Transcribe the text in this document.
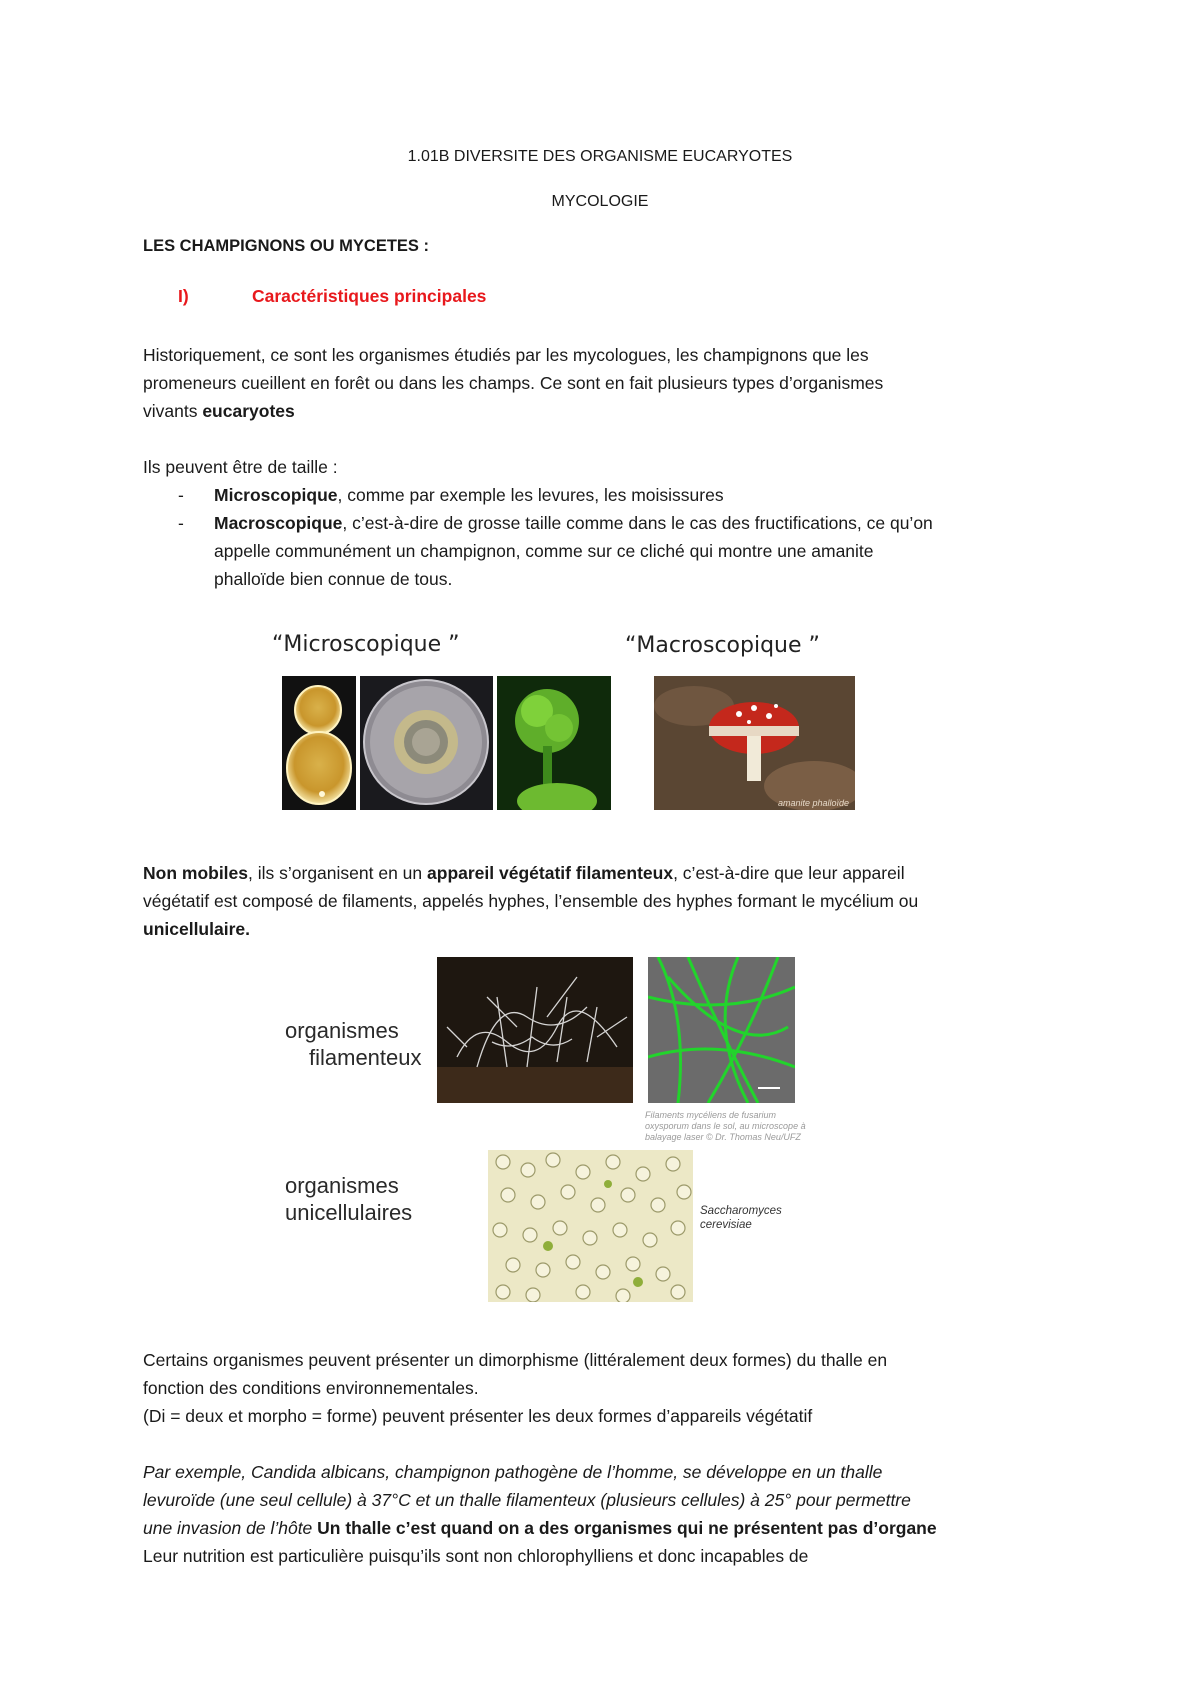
1.01B DIVERSITE DES ORGANISME EUCARYOTES
MYCOLOGIE
LES CHAMPIGNONS OU MYCETES :
I)	Caractéristiques principales
Historiquement, ce sont les organismes étudiés par les mycologues, les champignons que les
promeneurs cueillent en forêt ou dans les champs. Ce sont en fait plusieurs types d’organismes
vivants eucaryotes
Ils peuvent être de taille :
- Microscopique, comme par exemple les levures, les moisissures
- Macroscopique, c’est-à-dire de grosse taille comme dans le cas des fructifications, ce qu’on
appelle communément un champignon, comme sur ce cliché qui montre une amanite
phalloïde bien connue de tous.
“Microscopique ”	“Macroscopique ”
amanite phalloïde
Non mobiles, ils s’organisent en un appareil végétatif filamenteux, c’est-à-dire que leur appareil
végétatif est composé de filaments, appelés hyphes, l’ensemble des hyphes formant le mycélium ou
unicellulaire.
organismes
filamenteux
Filaments mycéliens de fusarium
oxysporum dans le sol, au microscope à
balayage laser © Dr. Thomas Neu/UFZ
organismes
unicellulaires	Saccharomyces
cerevisiae
Certains organismes peuvent présenter un dimorphisme (littéralement deux formes) du thalle en
fonction des conditions environnementales.
(Di = deux et morpho = forme) peuvent présenter les deux formes d’appareils végétatif
Par exemple, Candida albicans, champignon pathogène de l’homme, se développe en un thalle
levuroïde (une seul cellule) à 37°C et un thalle filamenteux (plusieurs cellules) à 25° pour permettre
une invasion de l’hôte Un thalle c’est quand on a des organismes qui ne présentent pas d’organe
Leur nutrition est particulière puisqu’ils sont non chlorophylliens et donc incapables de
